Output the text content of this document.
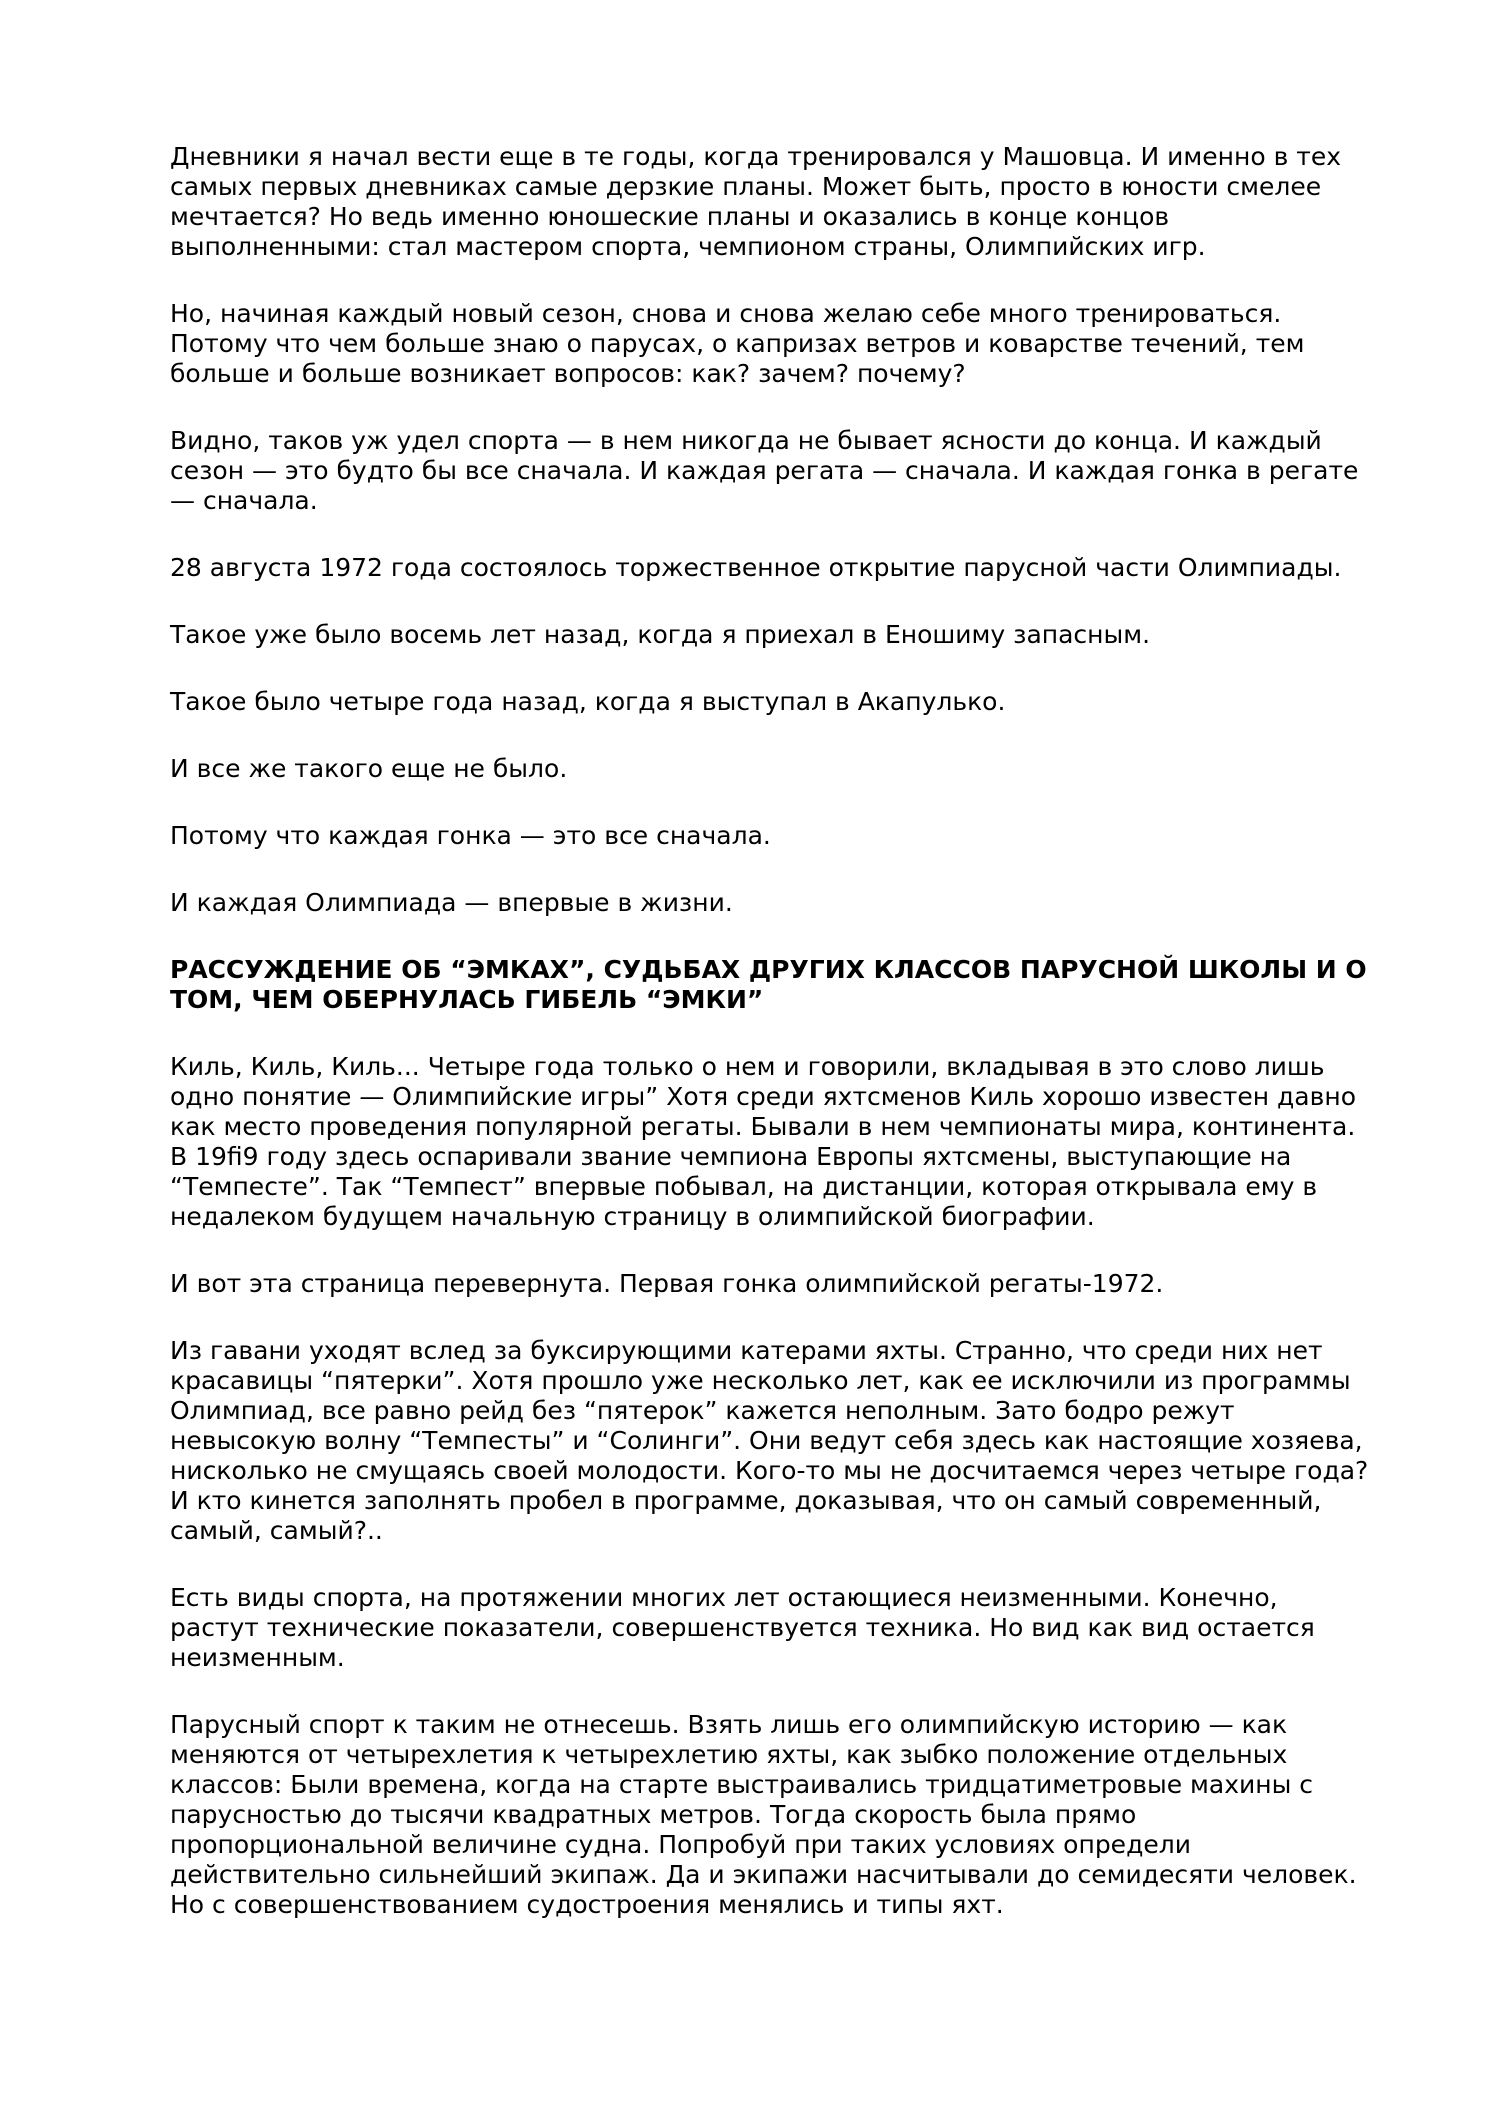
Дневники я начал вести еще в те годы, когда тренировался у Машовца. И именно в тех самых первых дневниках самые дерзкие планы. Может быть, просто в юности смелее мечтается? Но ведь именно юношеские планы и оказались в конце концов выполненными: стал мастером спорта, чемпионом страны, Олимпийских игр.

Но, начиная каждый новый сезон, снова и снова желаю себе много тренироваться. Потому что чем больше знаю о парусах, о капризах ветров и коварстве течений, тем больше и больше возникает вопросов: как? зачем? почему?

Видно, таков уж удел спорта — в нем никогда не бывает ясности до конца. И каждый сезон — это будто бы все сначала. И каждая регата — сначала. И каждая гонка в регате — сначала.

28 августа 1972 года состоялось торжественное открытие парусной части Олимпиады.

Такое уже было восемь лет назад, когда я приехал в Еношиму запасным.

Такое было четыре года назад, когда я выступал в Акапулько.

И все же такого еще не было.

Потому что каждая гонка — это все сначала.

И каждая Олимпиада — впервые в жизни.

РАССУЖДЕНИЕ ОБ “ЭМКАХ”, СУДЬБАХ ДРУГИХ КЛАССОВ ПАРУСНОЙ ШКОЛЫ И О ТОМ, ЧЕМ ОБЕРНУЛАСЬ ГИБЕЛЬ “ЭМКИ”

Киль, Киль, Киль... Четыре года только о нем и говорили, вкладывая в это слово лишь одно понятие — Олимпийские игры” Хотя среди яхтсменов Киль хорошо известен давно как место проведения популярной регаты. Бывали в нем чемпионаты мира, континента. В 19fi9 году здесь оспаривали звание чемпиона Европы яхтсмены, выступающие на “Темпесте”. Так “Темпест” впервые побывал, на дистанции, которая открывала ему в недалеком будущем начальную страницу в олимпийской биографии.

И вот эта страница перевернута. Первая гонка олимпийской регаты-1972.

Из гавани уходят вслед за буксирующими катерами яхты. Странно, что среди них нет красавицы “пятерки”. Хотя прошло уже несколько лет, как ее исключили из программы Олимпиад, все равно рейд без “пятерок” кажется неполным. Зато бодро режут невысокую волну “Темпесты” и “Солинги”. Они ведут себя здесь как настоящие хозяева, нисколько не смущаясь своей молодости. Кого-то мы не досчитаемся через четыре года? И кто кинется заполнять пробел в программе, доказывая, что он самый современный, самый, самый?..

Есть виды спорта, на протяжении многих лет остающиеся неизменными. Конечно, растут технические показатели, совершенствуется техника. Но вид как вид остается неизменным.

Парусный спорт к таким не отнесешь. Взять лишь его олимпийскую историю — как меняются от четырехлетия к четырехлетию яхты, как зыбко положение отдельных классов: Были времена, когда на старте выстраивались тридцатиметровые махины с парусностью до тысячи квадратных метров. Тогда скорость была прямо пропорциональной величине судна. Попробуй при таких условиях определи действительно сильнейший экипаж. Да и экипажи насчитывали до семидесяти человек. Но с совершенствованием судостроения менялись и типы яхт.
